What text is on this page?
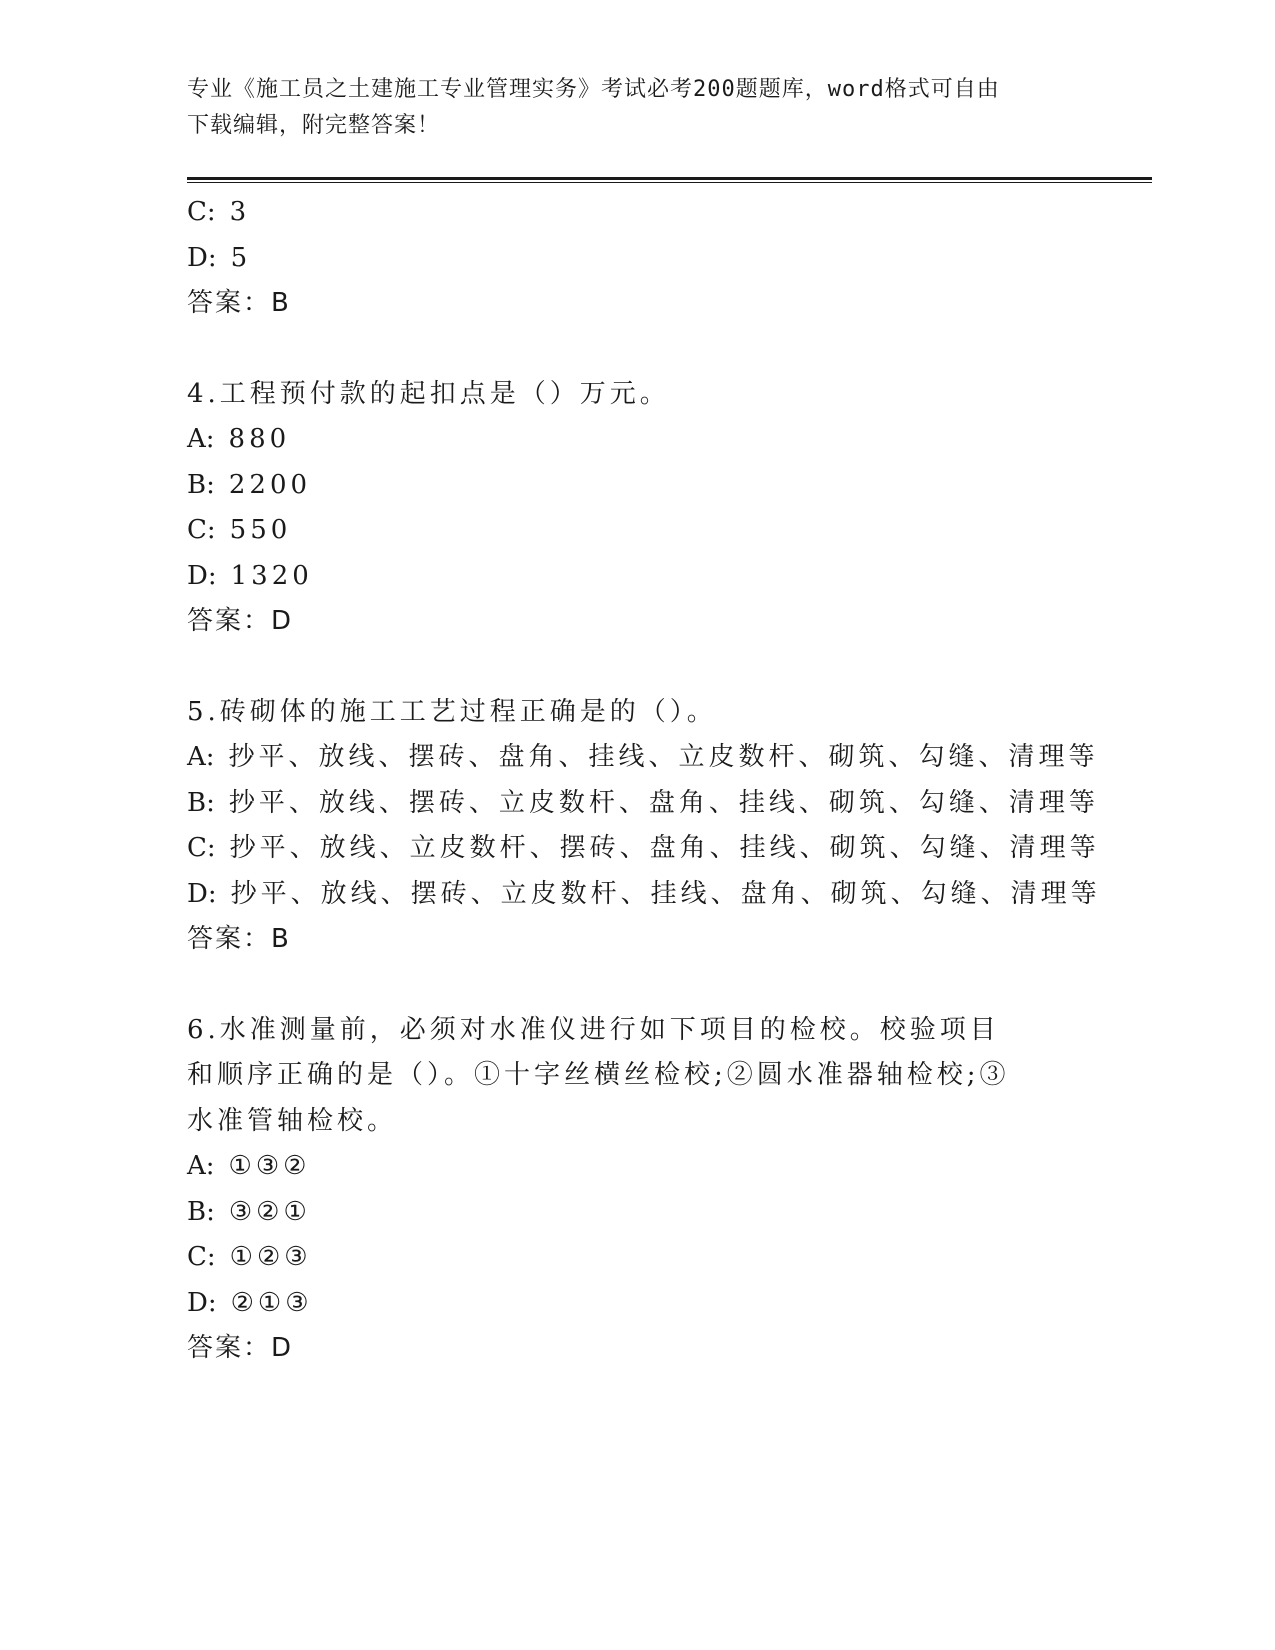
专业《施工员之土建施工专业管理实务》考试必考200题题库，word格式可自由
下载编辑，附完整答案！
C: 3
D: 5
答案：B
4.工程预付款的起扣点是（）万元。
A: 880
B: 2200
C: 550
D: 1320
答案：D
5.砖砌体的施工工艺过程正确是的（）。
A: 抄平、放线、摆砖、盘角、挂线、立皮数杆、砌筑、勾缝、清理等
B: 抄平、放线、摆砖、立皮数杆、盘角、挂线、砌筑、勾缝、清理等
C: 抄平、放线、立皮数杆、摆砖、盘角、挂线、砌筑、勾缝、清理等
D: 抄平、放线、摆砖、立皮数杆、挂线、盘角、砌筑、勾缝、清理等
答案：B
6.水准测量前，必须对水准仪进行如下项目的检校。校验项目和顺序正确的是（）。①十字丝横丝检校;②圆水准器轴检校;③水准管轴检校。
A: ①③②
B: ③②①
C: ①②③
D: ②①③
答案：D
